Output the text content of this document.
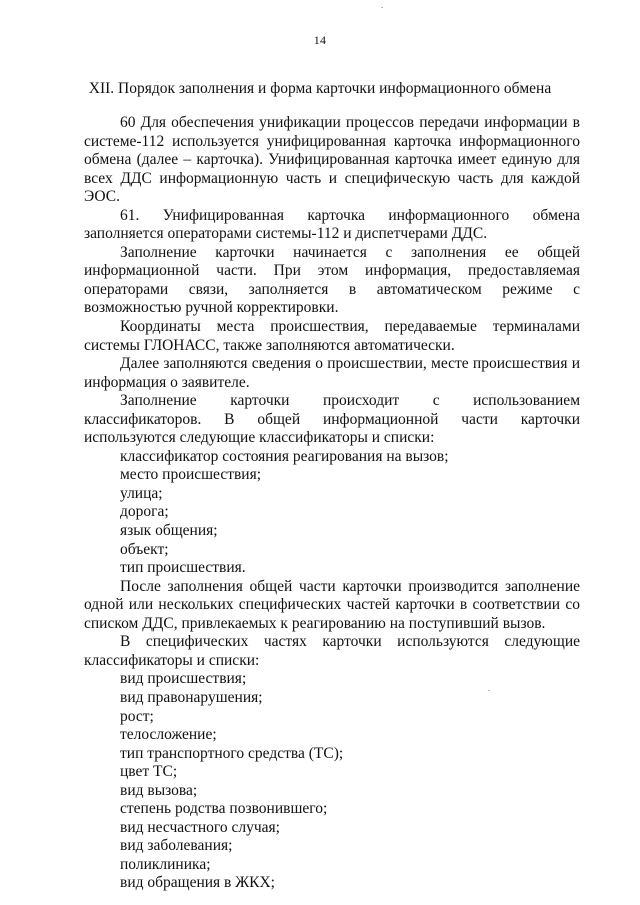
14
XII. Порядок заполнения и форма карточки информационного обмена

60 Для обеспечения унификации процессов передачи информации в системе-112 используется унифицированная карточка информационного обмена (далее – карточка). Унифицированная карточка имеет единую для всех ДДС информационную часть и специфическую часть для каждой ЭОС.

61. Унифицированная карточка информационного обмена заполняется операторами системы-112 и диспетчерами ДДС.

Заполнение карточки начинается с заполнения ее общей информационной части. При этом информация, предоставляемая операторами связи, заполняется в автоматическом режиме с возможностью ручной корректировки.

Координаты места происшествия, передаваемые терминалами системы ГЛОНАСС, также заполняются автоматически.

Далее заполняются сведения о происшествии, месте происшествия и информация о заявителе.

Заполнение карточки происходит с использованием классификаторов. В общей информационной части карточки используются следующие классификаторы и списки:

классификатор состояния реагирования на вызов;

место происшествия;

улица;

дорога;

язык общения;

объект;

тип происшествия.

После заполнения общей части карточки производится заполнение одной или нескольких специфических частей карточки в соответствии со списком ДДС, привлекаемых к реагированию на поступивший вызов.

В специфических частях карточки используются следующие классификаторы и списки:

вид происшествия;

вид правонарушения;

рост;

телосложение;

тип транспортного средства (ТС);

цвет ТС;

вид вызова;

степень родства позвонившего;

вид несчастного случая;

вид заболевания;

поликлиника;

вид обращения в ЖКХ;
